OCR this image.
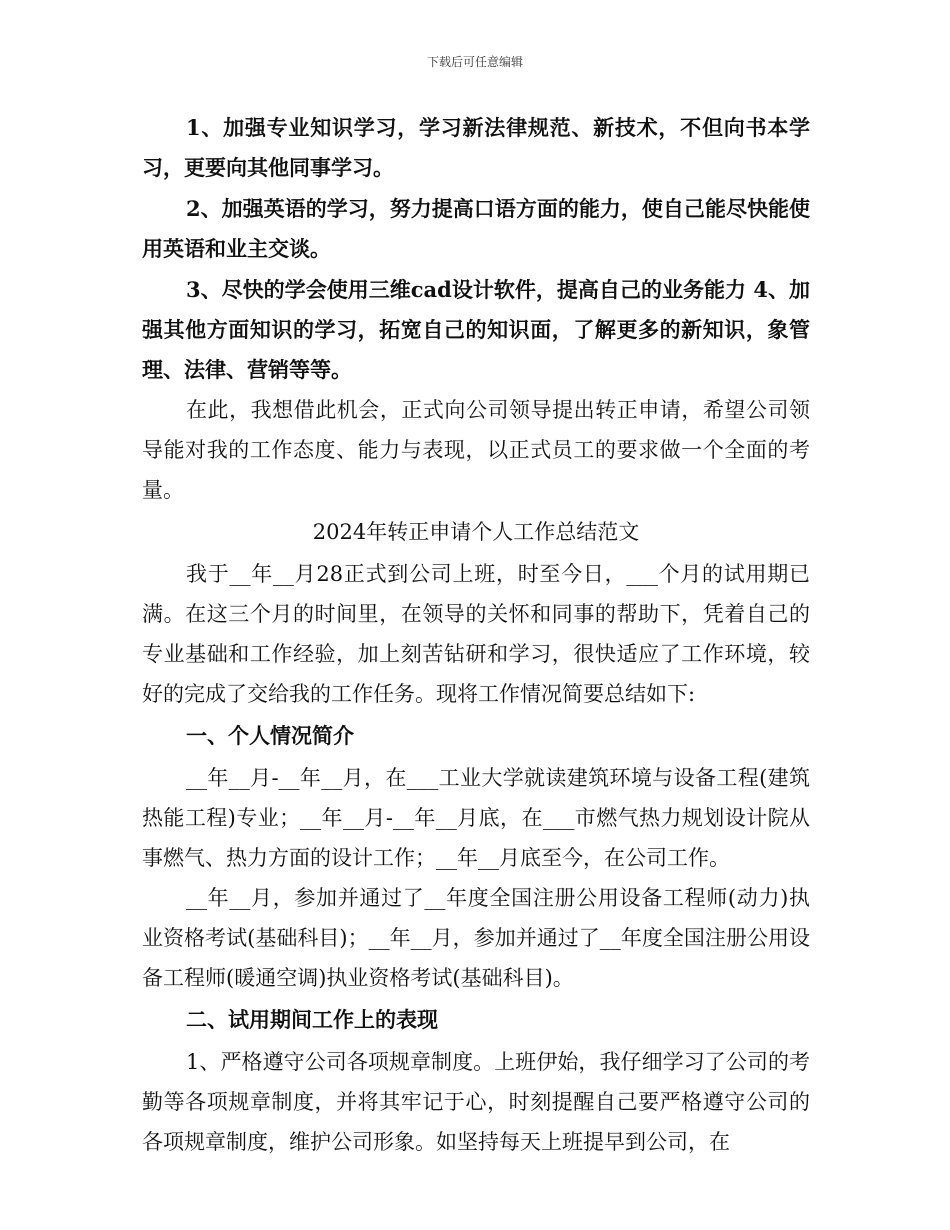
下载后可任意编辑

1、加强专业知识学习，学习新法律规范、新技术，不但向书本学习，更要向其他同事学习。

2、加强英语的学习，努力提高口语方面的能力，使自己能尽快能使用英语和业主交谈。

3、尽快的学会使用三维cad设计软件，提高自己的业务能力 4、加强其他方面知识的学习，拓宽自己的知识面，了解更多的新知识，象管理、法律、营销等等。

在此，我想借此机会，正式向公司领导提出转正申请，希望公司领导能对我的工作态度、能力与表现，以正式员工的要求做一个全面的考量。

2024年转正申请个人工作总结范文

我于__年__月28正式到公司上班，时至今日，___个月的试用期已满。在这三个月的时间里，在领导的关怀和同事的帮助下，凭着自己的专业基础和工作经验，加上刻苦钻研和学习，很快适应了工作环境，较好的完成了交给我的工作任务。现将工作情况简要总结如下:

一、个人情况简介

__年__月-__年__月，在___工业大学就读建筑环境与设备工程(建筑热能工程)专业；__年__月-__年__月底，在___市燃气热力规划设计院从事燃气、热力方面的设计工作；__年__月底至今，在公司工作。

__年__月，参加并通过了__年度全国注册公用设备工程师(动力)执业资格考试(基础科目)；__年__月，参加并通过了__年度全国注册公用设备工程师(暖通空调)执业资格考试(基础科目)。

二、试用期间工作上的表现

1、严格遵守公司各项规章制度。上班伊始，我仔细学习了公司的考勤等各项规章制度，并将其牢记于心，时刻提醒自己要严格遵守公司的各项规章制度，维护公司形象。如坚持每天上班提早到公司，在
